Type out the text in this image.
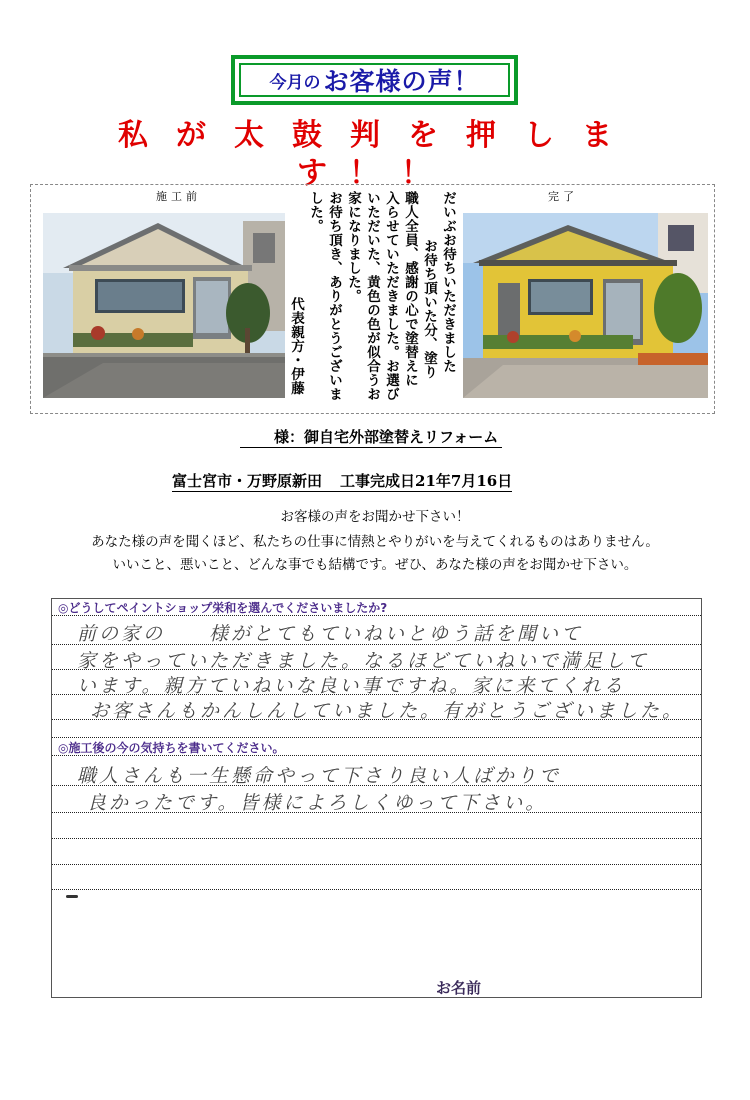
今月の お客様の声！
私が太鼓判を押しま
す！！
施工前	完了
だいぶお待ちいただきました
お待ち頂いた分、塗り
職人全員、感謝の心で塗替えに
入らせていただきました。お選び
いただいた、黄色の色が似合うお
家になりました。
お待ち頂き、ありがとうございま
した。
代表親方・伊藤
様：御自宅外部塗替えリフォーム
富士宮市・万野原新田 工事完成日21年7月16日
お客様の声をお聞かせ下さい！
あなた様の声を聞くほど、私たちの仕事に情熱とやりがいを与えてくれるものはありません。
いいこと、悪いこと、どんな事でも結構です。ぜひ、あなた様の声をお聞かせ下さい。
◎どうしてペイントショップ栄和を選んでくださいましたか?
前の家の　　様がとてもていねいとゆう話を聞いて
家をやっていただきました。なるほどていねいで満足して
います。親方ていねいな良い事ですね。家に来てくれる
お客さんもかんしんしていました。有がとうございました。
◎施工後の今の気持ちを書いてください。
職人さんも一生懸命やって下さり良い人ばかりで
良かったです。皆様によろしくゆって下さい。
お名前
